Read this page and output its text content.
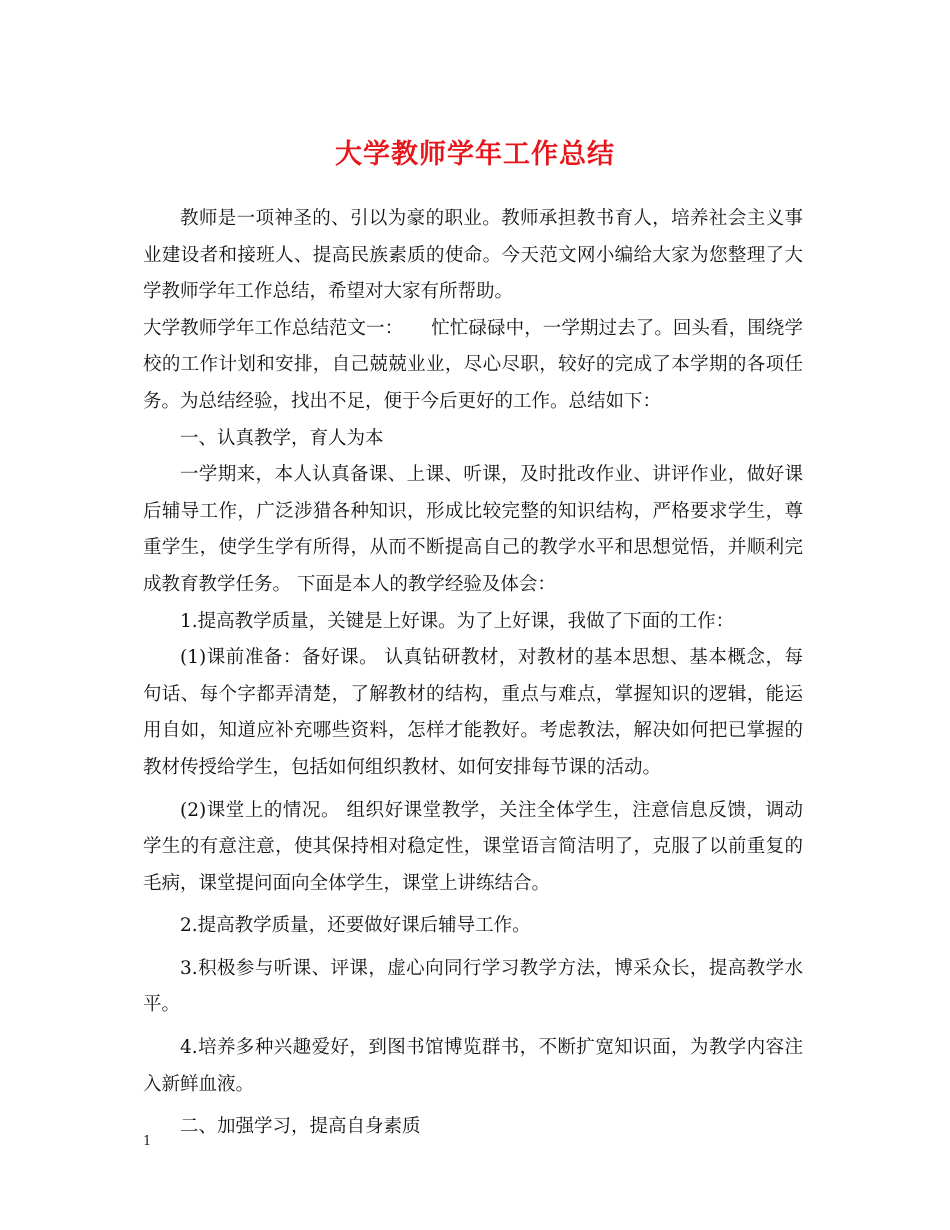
大学教师学年工作总结

教师是一项神圣的、引以为豪的职业。教师承担教书育人，培养社会主义事业建设者和接班人、提高民族素质的使命。今天范文网小编给大家为您整理了大学教师学年工作总结，希望对大家有所帮助。

大学教师学年工作总结范文一：　　忙忙碌碌中，一学期过去了。回头看，围绕学校的工作计划和安排，自己兢兢业业，尽心尽职，较好的完成了本学期的各项任务。为总结经验，找出不足，便于今后更好的工作。总结如下：

一、认真教学，育人为本

一学期来，本人认真备课、上课、听课，及时批改作业、讲评作业，做好课后辅导工作，广泛涉猎各种知识，形成比较完整的知识结构，严格要求学生，尊重学生，使学生学有所得，从而不断提高自己的教学水平和思想觉悟，并顺利完成教育教学任务。 下面是本人的教学经验及体会：

1.提高教学质量，关键是上好课。为了上好课，我做了下面的工作：

(1)课前准备：备好课。 认真钻研教材，对教材的基本思想、基本概念，每句话、每个字都弄清楚，了解教材的结构，重点与难点，掌握知识的逻辑，能运用自如，知道应补充哪些资料，怎样才能教好。考虑教法，解决如何把已掌握的教材传授给学生，包括如何组织教材、如何安排每节课的活动。

(2)课堂上的情况。 组织好课堂教学，关注全体学生，注意信息反馈，调动学生的有意注意，使其保持相对稳定性，课堂语言简洁明了，克服了以前重复的毛病，课堂提问面向全体学生，课堂上讲练结合。

2.提高教学质量，还要做好课后辅导工作。

3.积极参与听课、评课，虚心向同行学习教学方法，博采众长，提高教学水平。

4.培养多种兴趣爱好，到图书馆博览群书，不断扩宽知识面，为教学内容注入新鲜血液。

二、加强学习，提高自身素质

1
